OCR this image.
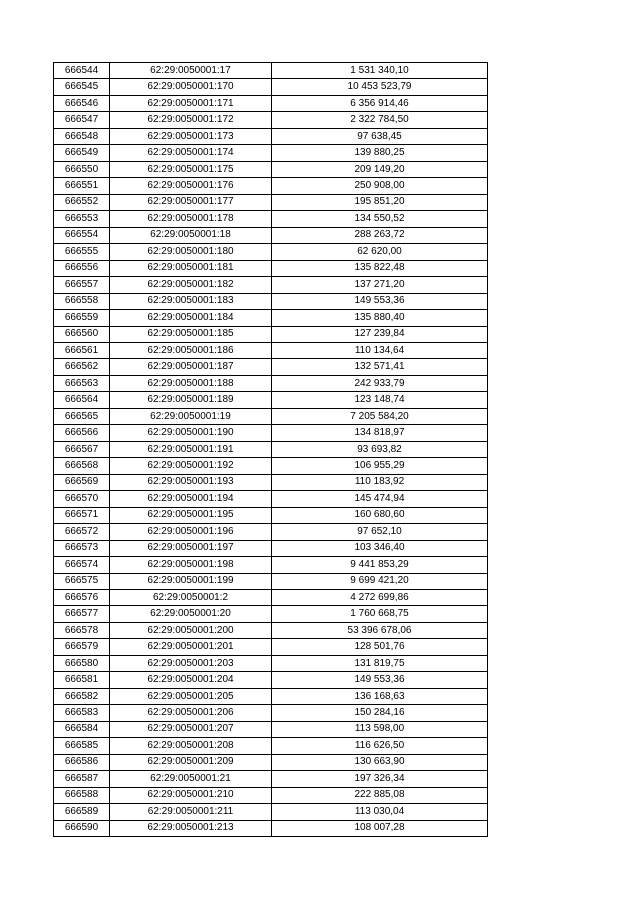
666544	62:29:0050001:17	1 531 340,10
666545	62:29:0050001:170	10 453 523,79
666546	62:29:0050001:171	6 356 914,46
666547	62:29:0050001:172	2 322 784,50
666548	62:29:0050001:173	97 638,45
666549	62:29:0050001:174	139 880,25
666550	62:29:0050001:175	209 149,20
666551	62:29:0050001:176	250 908,00
666552	62:29:0050001:177	195 851,20
666553	62:29:0050001:178	134 550,52
666554	62:29:0050001:18	288 263,72
666555	62:29:0050001:180	62 620,00
666556	62:29:0050001:181	135 822,48
666557	62:29:0050001:182	137 271,20
666558	62:29:0050001:183	149 553,36
666559	62:29:0050001:184	135 880,40
666560	62:29:0050001:185	127 239,84
666561	62:29:0050001:186	110 134,64
666562	62:29:0050001:187	132 571,41
666563	62:29:0050001:188	242 933,79
666564	62:29:0050001:189	123 148,74
666565	62:29:0050001:19	7 205 584,20
666566	62:29:0050001:190	134 818,97
666567	62:29:0050001:191	93 693,82
666568	62:29:0050001:192	106 955,29
666569	62:29:0050001:193	110 183,92
666570	62:29:0050001:194	145 474,94
666571	62:29:0050001:195	160 680,60
666572	62:29:0050001:196	97 652,10
666573	62:29:0050001:197	103 346,40
666574	62:29:0050001:198	9 441 853,29
666575	62:29:0050001:199	9 699 421,20
666576	62:29:0050001:2	4 272 699,86
666577	62:29:0050001:20	1 760 668,75
666578	62:29:0050001:200	53 396 678,06
666579	62:29:0050001:201	128 501,76
666580	62:29:0050001:203	131 819,75
666581	62:29:0050001:204	149 553,36
666582	62:29:0050001:205	136 168,63
666583	62:29:0050001:206	150 284,16
666584	62:29:0050001:207	113 598,00
666585	62:29:0050001:208	116 626,50
666586	62:29:0050001:209	130 663,90
666587	62:29:0050001:21	197 326,34
666588	62:29:0050001:210	222 885,08
666589	62:29:0050001:211	113 030,04
666590	62:29:0050001:213	108 007,28
